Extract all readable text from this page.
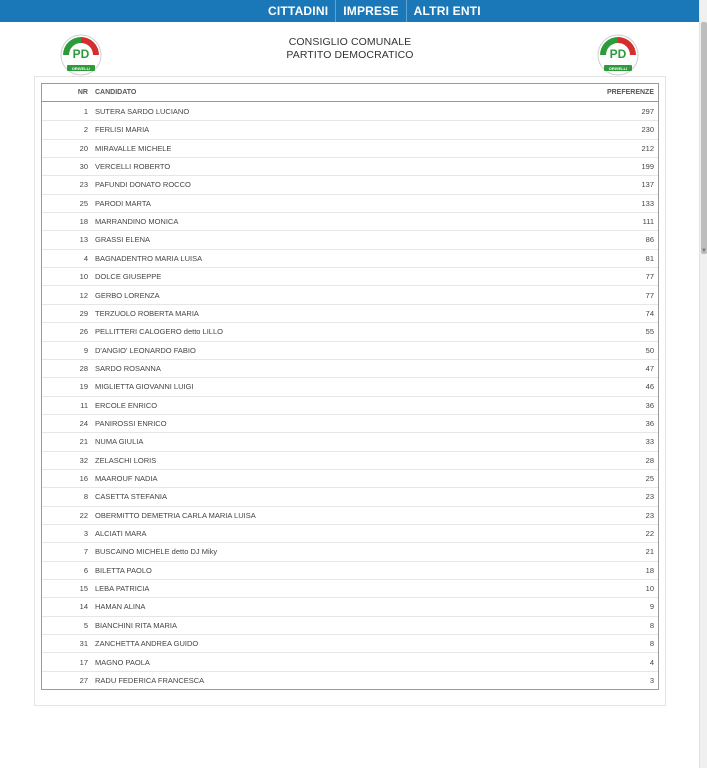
CITTADINI	IMPRESE	ALTRI ENTI
▼
PD
ORIVELLI
CONSIGLIO COMUNALE
PARTITO DEMOCRATICO	PD
ORIVELLI
NR CANDIDATO	PREFERENZE
1 SUTERA SARDO LUCIANO	297
2 FERLISI MARIA	230
20 MIRAVALLE MICHELE	212
30 VERCELLI ROBERTO	199
23 PAFUNDI DONATO ROCCO	137
25 PARODI MARTA	133
18 MARRANDINO MONICA	111
13 GRASSI ELENA	86
4 BAGNADENTRO MARIA LUISA	81
10 DOLCE GIUSEPPE	77
12 GERBO LORENZA	77
29 TERZUOLO ROBERTA MARIA	74
26 PELLITTERI CALOGERO detto LILLO	55
9 D'ANGIO' LEONARDO FABIO	50
28 SARDO ROSANNA	47
19 MIGLIETTA GIOVANNI LUIGI	46
11 ERCOLE ENRICO	36
24 PANIROSSI ENRICO	36
21 NUMA GIULIA	33
32 ZELASCHI LORIS	28
16 MAAROUF NADIA	25
8 CASETTA STEFANIA	23
22 OBERMITTO DEMETRIA CARLA MARIA LUISA	23
3 ALCIATI MARA	22
7 BUSCAINO MICHELE detto DJ Miky	21
6 BILETTA PAOLO	18
15 LEBA PATRICIA	10
14 HAMAN ALINA	9
5 BIANCHINI RITA MARIA	8
31 ZANCHETTA ANDREA GUIDO	8
17 MAGNO PAOLA	4
27 RADU FEDERICA FRANCESCA	3
